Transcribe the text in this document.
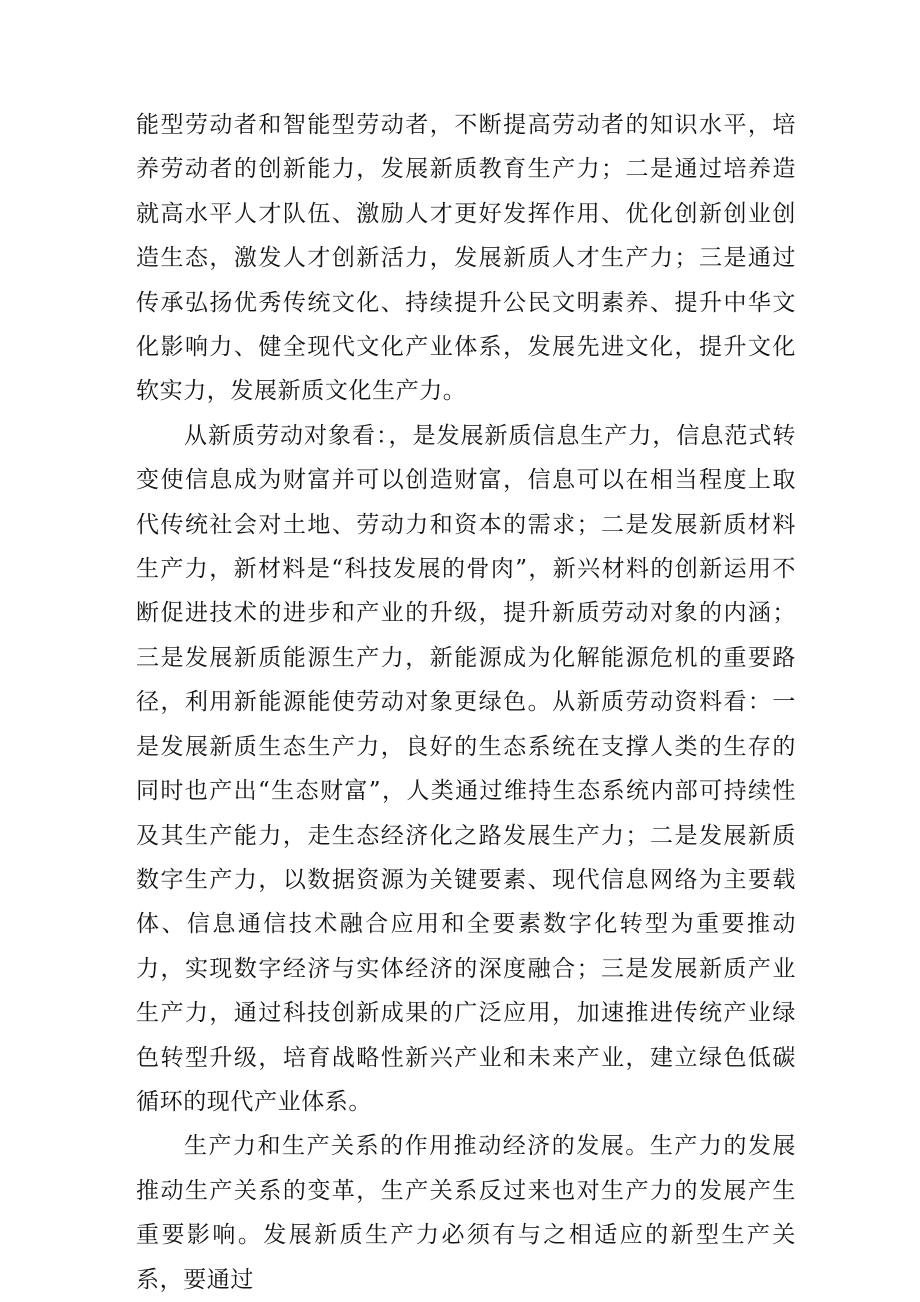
能型劳动者和智能型劳动者，不断提高劳动者的知识水平，培养劳动者的创新能力，发展新质教育生产力；二是通过培养造就高水平人才队伍、激励人才更好发挥作用、优化创新创业创造生态，激发人才创新活力，发展新质人才生产力；三是通过传承弘扬优秀传统文化、持续提升公民文明素养、提升中华文化影响力、健全现代文化产业体系，发展先进文化，提升文化软实力，发展新质文化生产力。

从新质劳动对象看：，是发展新质信息生产力，信息范式转变使信息成为财富并可以创造财富，信息可以在相当程度上取代传统社会对土地、劳动力和资本的需求；二是发展新质材料生产力，新材料是“科技发展的骨肉”，新兴材料的创新运用不断促进技术的进步和产业的升级，提升新质劳动对象的内涵；三是发展新质能源生产力，新能源成为化解能源危机的重要路径，利用新能源能使劳动对象更绿色。从新质劳动资料看：一是发展新质生态生产力，良好的生态系统在支撑人类的生存的同时也产出“生态财富”，人类通过维持生态系统内部可持续性及其生产能力，走生态经济化之路发展生产力；二是发展新质数字生产力，以数据资源为关键要素、现代信息网络为主要载体、信息通信技术融合应用和全要素数字化转型为重要推动力，实现数字经济与实体经济的深度融合；三是发展新质产业生产力，通过科技创新成果的广泛应用，加速推进传统产业绿色转型升级，培育战略性新兴产业和未来产业，建立绿色低碳循环的现代产业体系。

生产力和生产关系的作用推动经济的发展。生产力的发展推动生产关系的变革，生产关系反过来也对生产力的发展产生重要影响。发展新质生产力必须有与之相适应的新型生产关系，要通过
